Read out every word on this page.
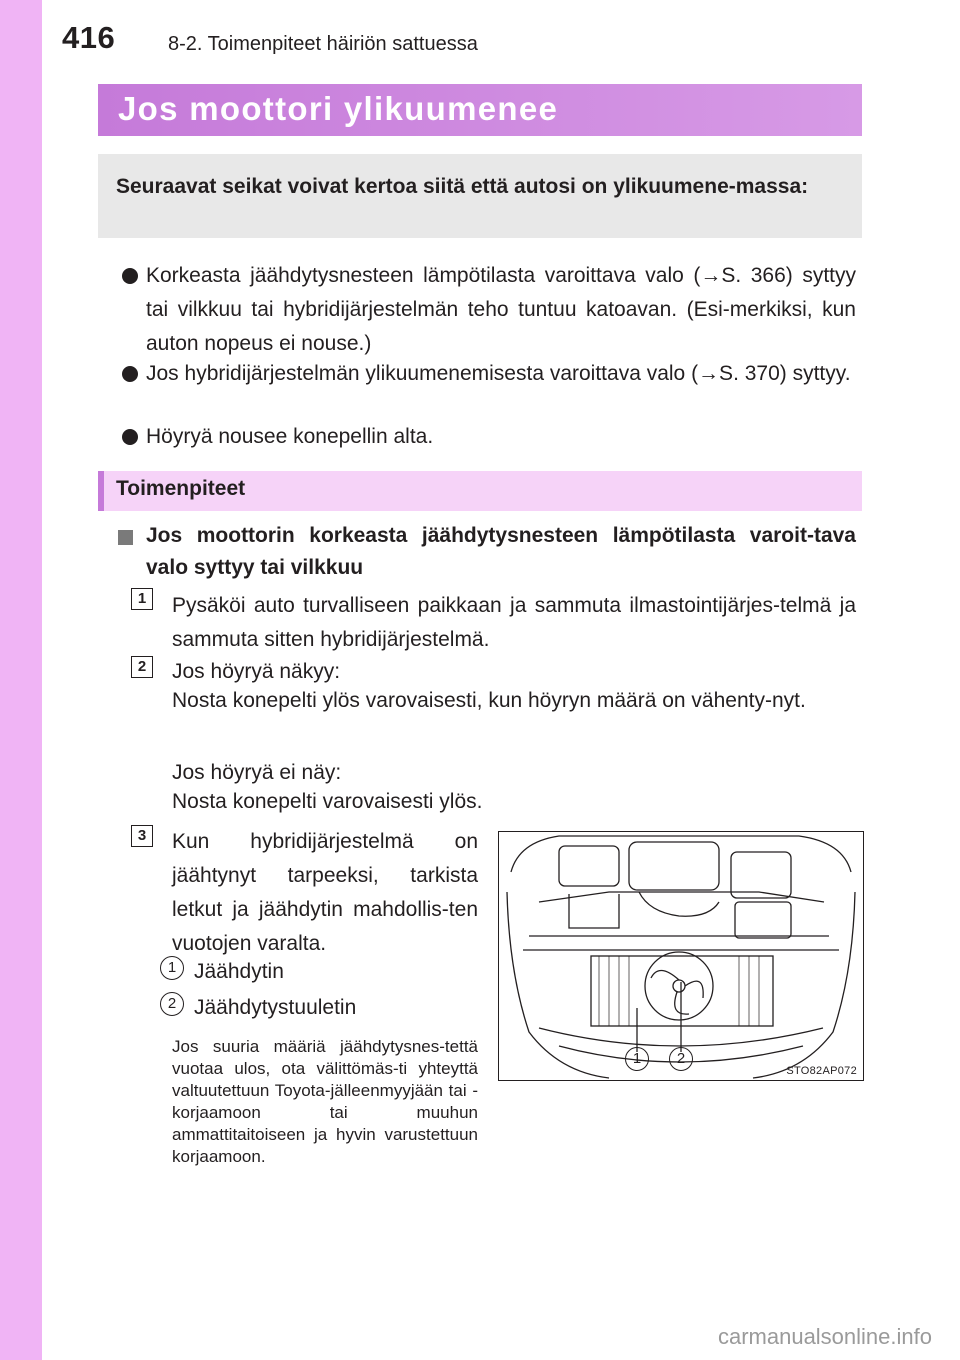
416	8-2. Toimenpiteet häiriön sattuessa
Jos moottori ylikuumenee
Seuraavat seikat voivat kertoa siitä että autosi on ylikuumene-massa:
Korkeasta jäähdytysnesteen lämpötilasta varoittava valo (→S. 366) syttyy tai vilkkuu tai hybridijärjestelmän teho tuntuu katoavan. (Esi-merkiksi, kun auton nopeus ei nouse.)
Jos hybridijärjestelmän ylikuumenemisesta varoittava valo (→S. 370) syttyy.
Höyryä nousee konepellin alta.
Toimenpiteet
Jos moottorin korkeasta jäähdytysnesteen lämpötilasta varoit-tava valo syttyy tai vilkkuu
1	Pysäköi auto turvalliseen paikkaan ja sammuta ilmastointijärjes-telmä ja sammuta sitten hybridijärjestelmä.
2	Jos höyryä näkyy:
Nosta konepelti ylös varovaisesti, kun höyryn määrä on vähenty-nyt.
Jos höyryä ei näy:
Nosta konepelti varovaisesti ylös.
3	Kun hybridijärjestelmä on jäähtynyt tarpeeksi, tarkista letkut ja jäähdytin mahdollis-ten vuotojen varalta.
1 Jäähdytin
2 Jäähdytystuuletin
Jos suuria määriä jäähdytysnes-tettä vuotaa ulos, ota välittömäs-ti yhteyttä valtuutettuun Toyota-jälleenmyyjään tai -korjaamoon tai muuhun ammattitaitoiseen ja hyvin varustettuun korjaamoon.
1	2
STO82AP072
carmanualsonline.info
